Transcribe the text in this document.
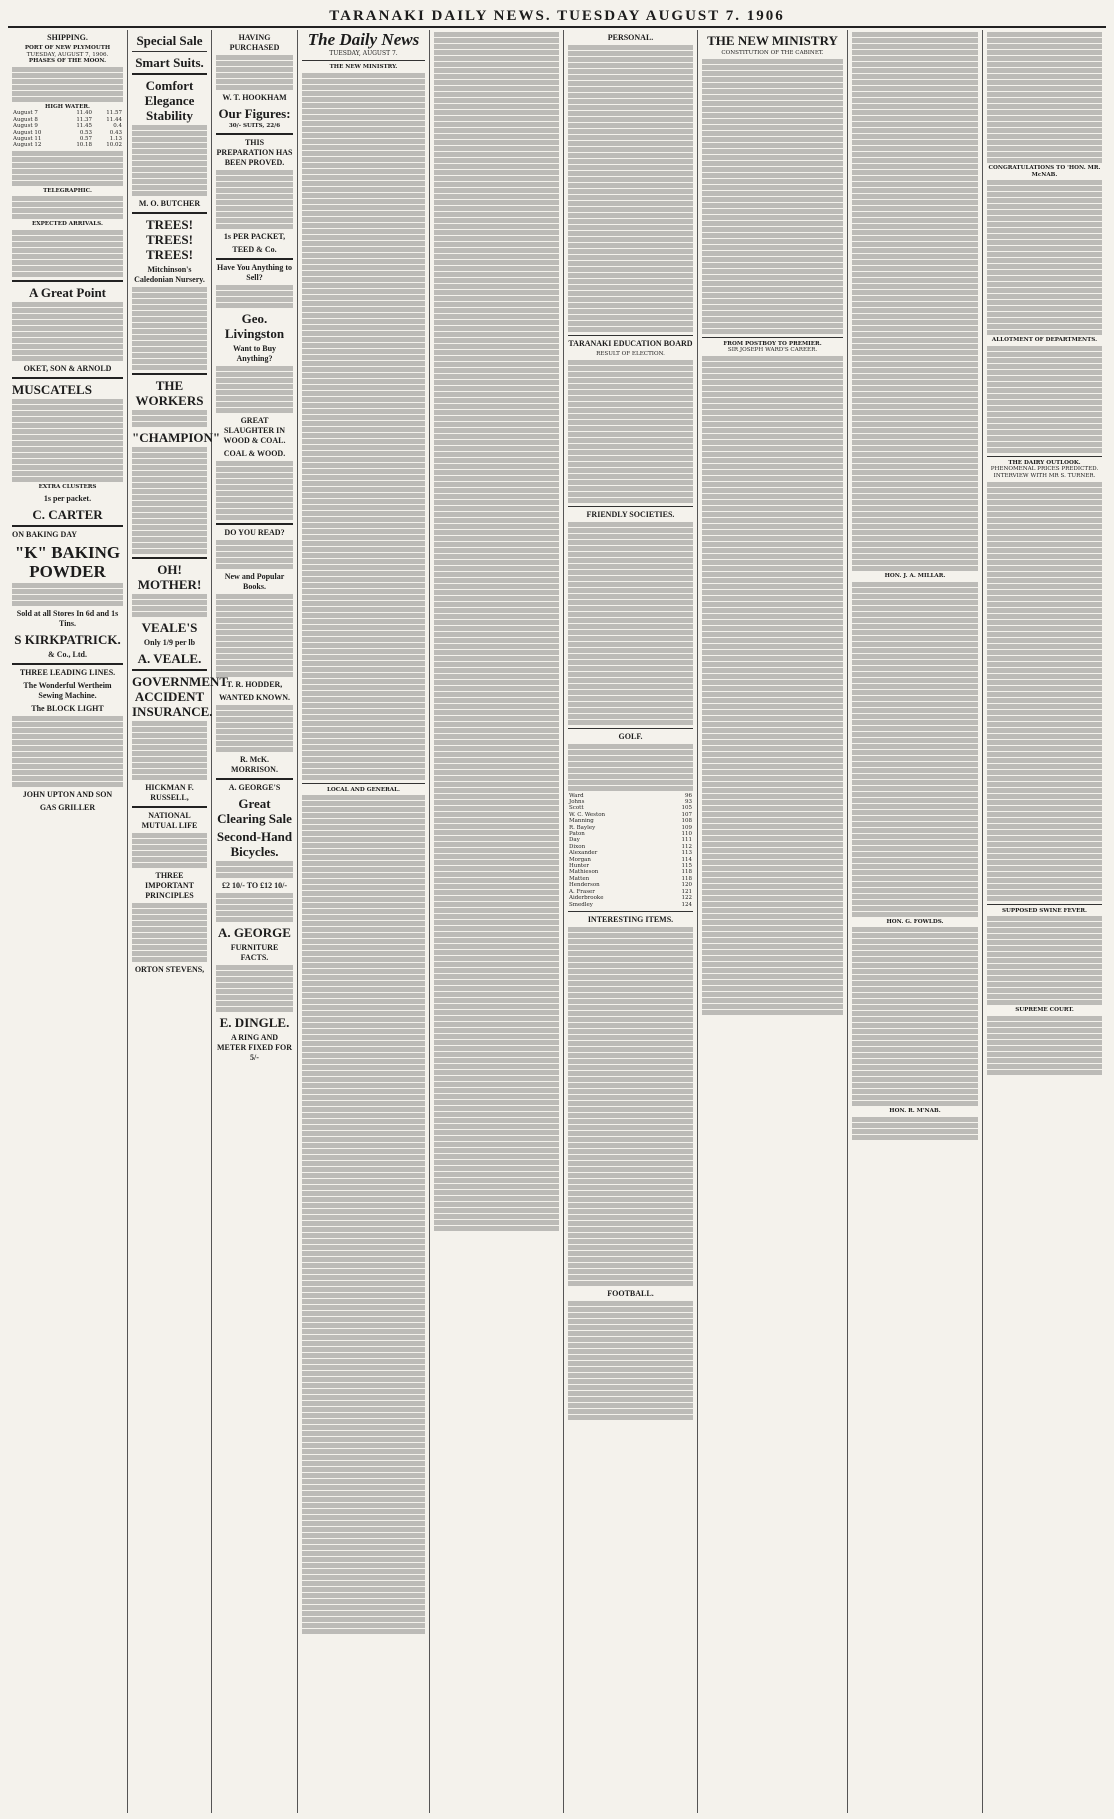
TARANAKI DAILY NEWS. TUESDAY AUGUST 7. 1906
SHIPPING.
PORT OF NEW PLYMOUTH
TUESDAY, AUGUST 7, 1906.
PHASES OF THE MOON.
HIGH WATER.
August 7	11.40	11.57
August 8	11.37	11.44
August 9	11.45	0.4
August 10	0.53	0.43
August 11	0.57	1.13
August 12	10.18	10.02
TELEGRAPHIC.
EXPECTED ARRIVALS.
A Great Point
OKET, SON & ARNOLD
MUSCATELS
EXTRA CLUSTERS
1s per packet.
C. CARTER
ON BAKING DAY
"K" BAKING POWDER
Sold at all Stores In 6d and 1s Tins.
S KIRKPATRICK.
& Co., Ltd.
THREE LEADING LINES.
The Wonderful Wertheim Sewing Machine.
The BLOCK LIGHT
JOHN UPTON AND SON
GAS GRILLER
Special Sale
Smart Suits.
Comfort Elegance Stability
M. O. BUTCHER
TREES! TREES! TREES!
Mitchinson's Caledonian Nursery.
THE WORKERS
"CHAMPION"
OH! MOTHER!
VEALE'S
Only 1/9 per lb
A. VEALE.
GOVERNMENT ACCIDENT INSURANCE.
HICKMAN F. RUSSELL,
NATIONAL MUTUAL LIFE
THREE IMPORTANT PRINCIPLES
ORTON STEVENS,
HAVING PURCHASED
W. T. HOOKHAM
Our Figures:
30/- SUITS, 22/6
THIS PREPARATION HAS BEEN PROVED.
1s PER PACKET,
TEED & Co.
Have You Anything to Sell?
Geo. Livingston
Want to Buy Anything?
GREAT SLAUGHTER IN WOOD & COAL.
COAL & WOOD.
DO YOU READ?
New and Popular Books.
T. R. HODDER,
WANTED KNOWN.
R. McK. MORRISON.
A. GEORGE'S
Great Clearing Sale
Second-Hand Bicycles.
£2 10/- TO £12 10/-
A. GEORGE
FURNITURE FACTS.
E. DINGLE.
A RING AND METER FIXED FOR 5/-
The Daily News
TUESDAY, AUGUST 7.
THE NEW MINISTRY.
LOCAL AND GENERAL.
PERSONAL.
TARANAKI EDUCATION BOARD
RESULT OF ELECTION.
FRIENDLY SOCIETIES.
GOLF.
Ward	96
Johns	93
Scott	105
W. C. Weston	107
Manning	108
R. Bayley	109
Paton	110
Day	111
Dixon	112
Alexander	113
Morgan	114
Hunter	115
Mathieson	118
Matten	118
Henderson	120
A. Fraser	121
Aiderbrooke	122
Smedley	124
INTERESTING ITEMS.
FOOTBALL.
THE NEW MINISTRY
CONSTITUTION OF THE CABINET.
FROM POSTBOY TO PREMIER.
SIR JOSEPH WARD'S CAREER.
HON. J. A. MILLAR.
HON. G. FOWLDS.
HON. R. M'NAB.
CONGRATULATIONS TO 'HON. MR. McNAB.
ALLOTMENT OF DEPARTMENTS.
THE DAIRY OUTLOOK.
PHENOMENAL PRICES PREDICTED.
INTERVIEW WITH MR S. TURNER.
SUPPOSED SWINE FEVER.
SUPREME COURT.
